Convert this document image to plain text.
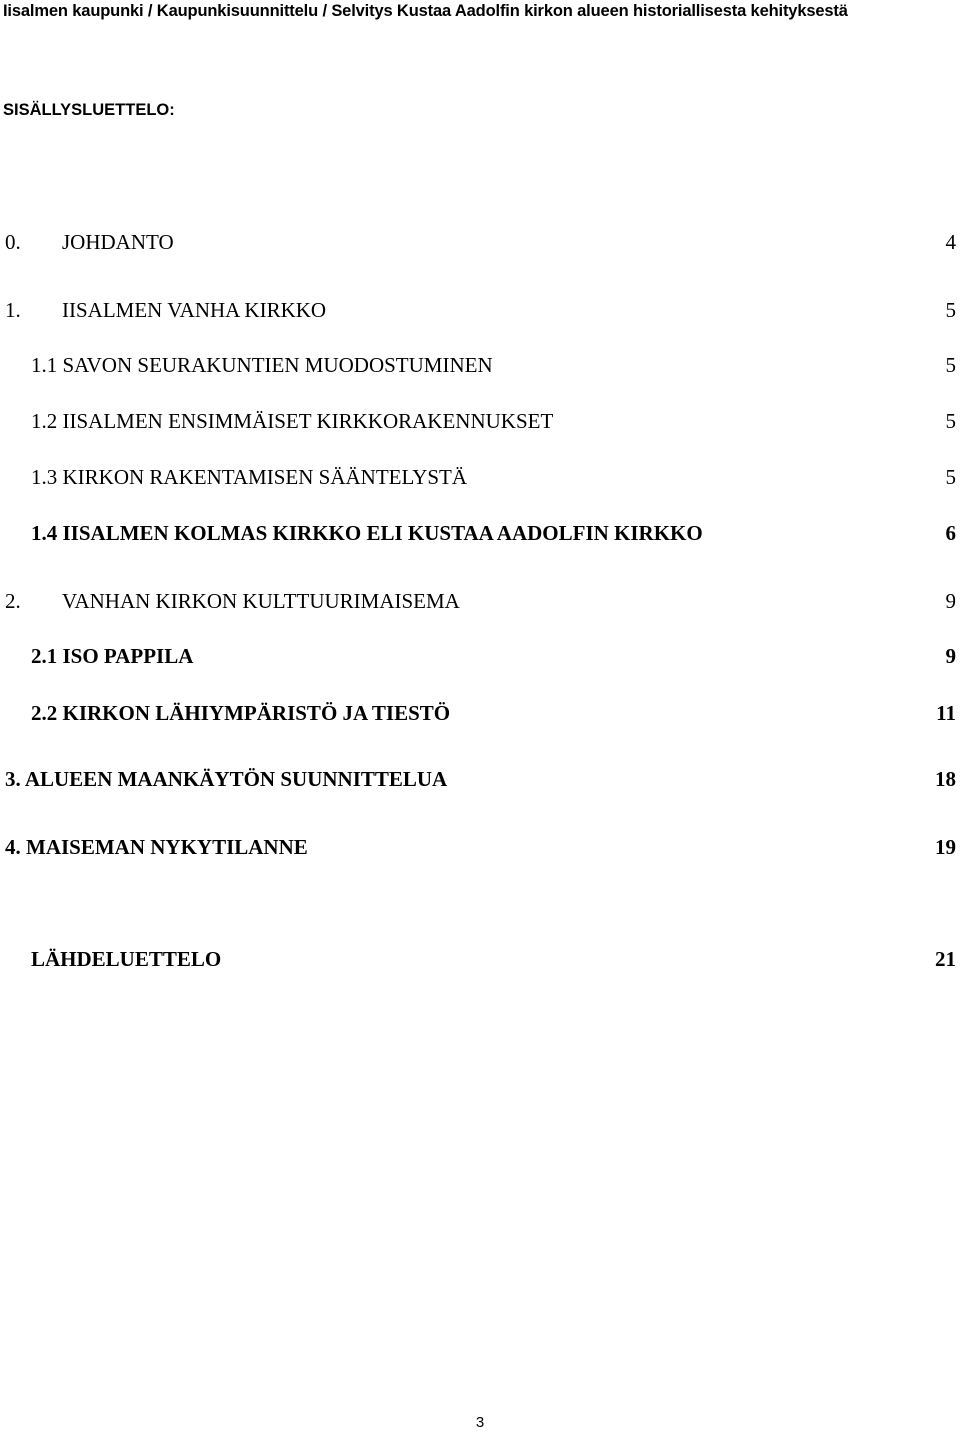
Iisalmen kaupunki / Kaupunkisuunnittelu / Selvitys Kustaa Aadolfin kirkon alueen historiallisesta kehityksestä
SISÄLLYSLUETTELO:
0. JOHDANTO	4
1. IISALMEN VANHA KIRKKO	5
1.1 SAVON SEURAKUNTIEN MUODOSTUMINEN	5
1.2 IISALMEN ENSIMMÄISET KIRKKORAKENNUKSET	5
1.3 KIRKON RAKENTAMISEN SÄÄNTELYSTÄ	5
1.4 IISALMEN KOLMAS KIRKKO ELI KUSTAA AADOLFIN KIRKKO	6
2. VANHAN KIRKON KULTTUURIMAISEMA	9
2.1 ISO PAPPILA	9
2.2 KIRKON LÄHIYMPÄRISTÖ JA TIESTÖ	11
3. ALUEEN MAANKÄYTÖN SUUNNITTELUA	18
4. MAISEMAN NYKYTILANNE	19
LÄHDELUETTELO	21
3
